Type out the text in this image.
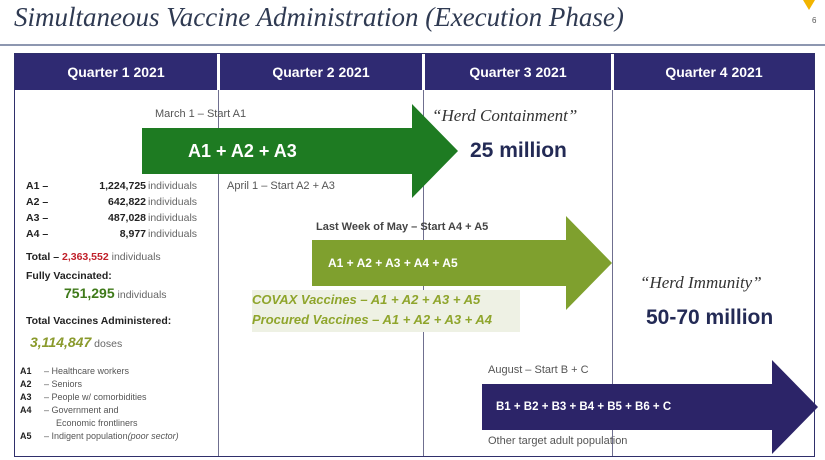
Simultaneous Vaccine Administration (Execution Phase)	6
Quarter 1 2021	Quarter 2 2021	Quarter 3 2021	Quarter 4 2021
March 1 – Start A1
A1 + A2 + A3
April 1 – Start A2 + A3
“Herd Containment”
25 million
Last Week of May – Start A4 + A5
A1 + A2 + A3 + A4 + A5
COVAX Vaccines – A1 + A2 + A3 + A5
Procured Vaccines – A1 + A2 + A3 + A4
“Herd Immunity”
50-70 million
August – Start B + C
B1 + B2 + B3 + B4 + B5 + B6 + C
Other target adult population
A1 –	1,224,725 individuals
A2 –	642,822 individuals
A3 –	487,028 individuals
A4 –	8,977 individuals
Total – 2,363,552 individuals
Fully Vaccinated:
751,295 individuals
Total Vaccines Administered:
3,114,847 doses
A1	– Healthcare workers
A2	– Seniors
A3	– People w/ comorbidities
A4	– Government and
Economic frontliners
A5	– Indigent population (poor sector)
